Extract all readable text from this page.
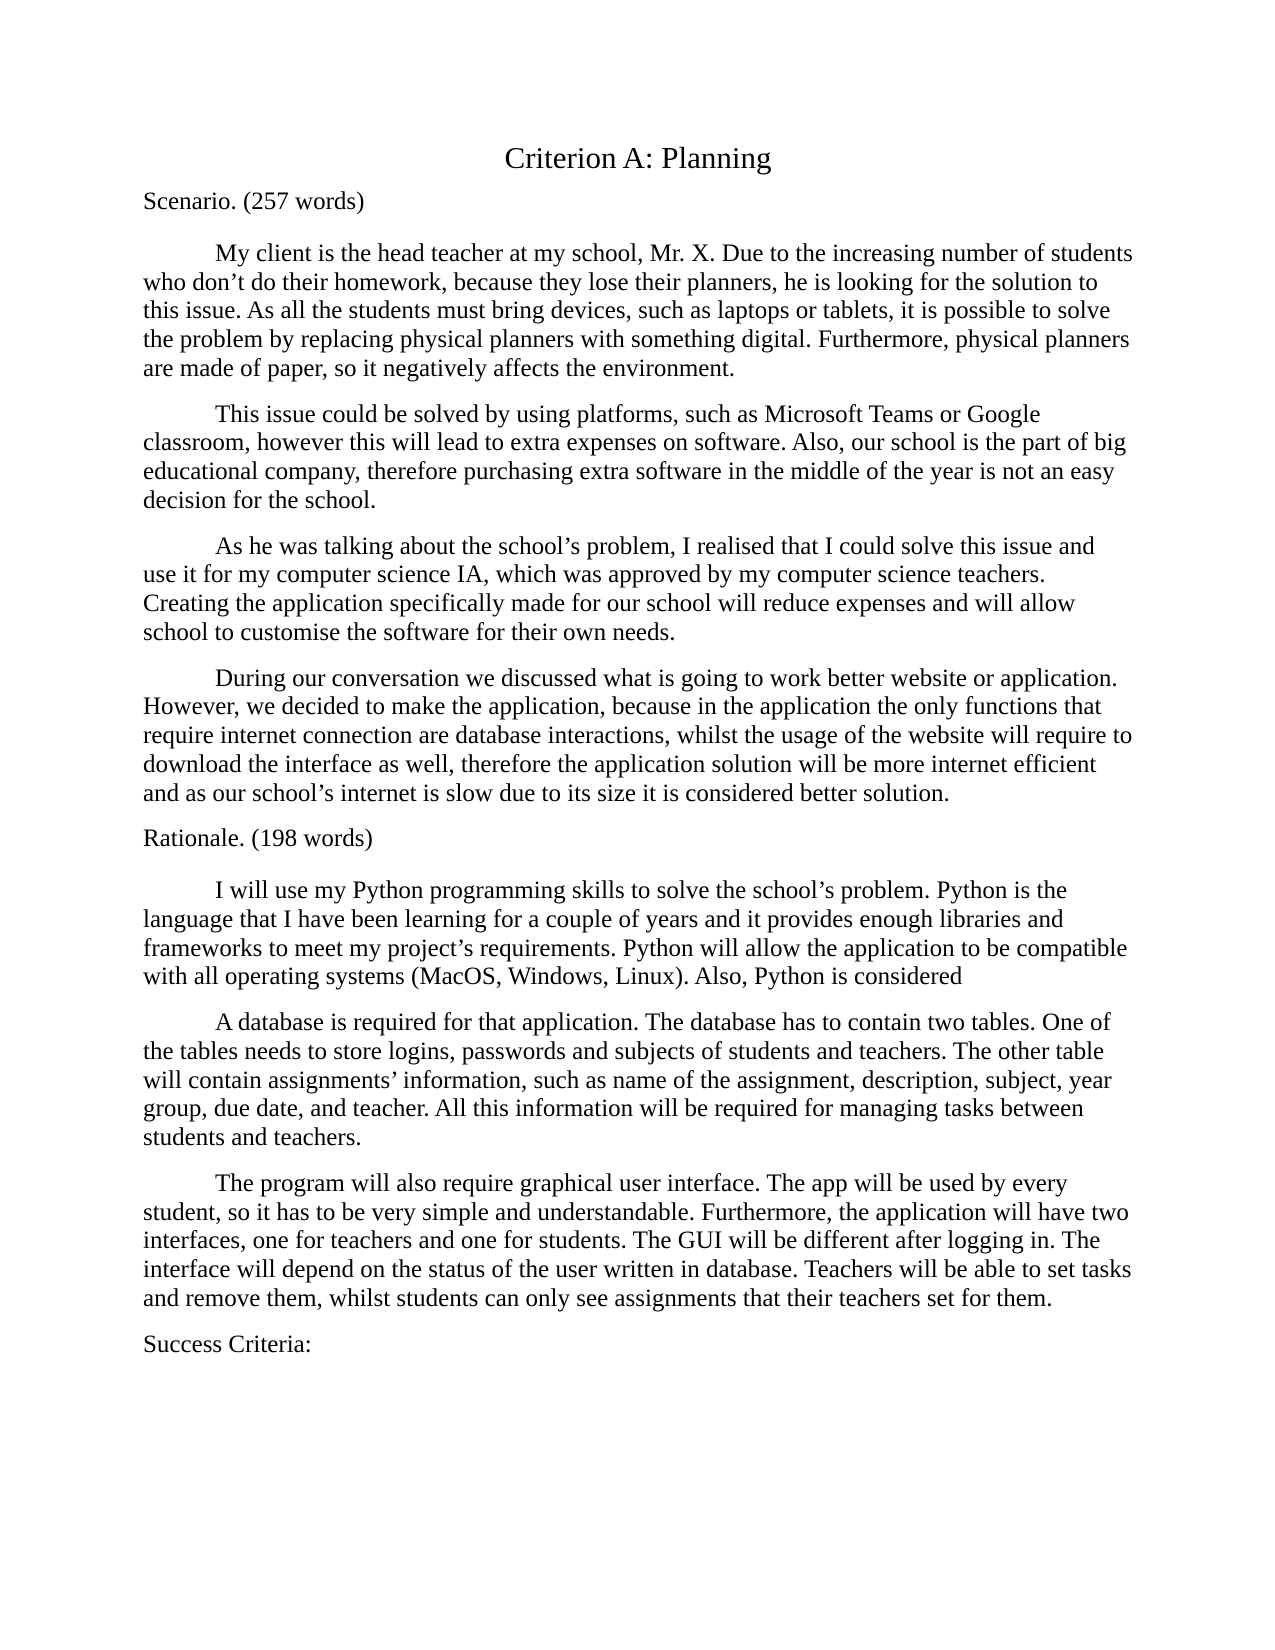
Criterion A: Planning

Scenario. (257 words)

My client is the head teacher at my school, Mr. X. Due to the increasing number of students who don’t do their homework, because they lose their planners, he is looking for the solution to this issue. As all the students must bring devices, such as laptops or tablets, it is possible to solve the problem by replacing physical planners with something digital. Furthermore, physical planners are made of paper, so it negatively affects the environment.

This issue could be solved by using platforms, such as Microsoft Teams or Google classroom, however this will lead to extra expenses on software. Also, our school is the part of big educational company, therefore purchasing extra software in the middle of the year is not an easy decision for the school.

As he was talking about the school’s problem, I realised that I could solve this issue and use it for my computer science IA, which was approved by my computer science teachers. Creating the application specifically made for our school will reduce expenses and will allow school to customise the software for their own needs.

During our conversation we discussed what is going to work better website or application. However, we decided to make the application, because in the application the only functions that require internet connection are database interactions, whilst the usage of the website will require to download the interface as well, therefore the application solution will be more internet efficient and as our school’s internet is slow due to its size it is considered better solution.

Rationale. (198 words)

I will use my Python programming skills to solve the school’s problem. Python is the language that I have been learning for a couple of years and it provides enough libraries and frameworks to meet my project’s requirements. Python will allow the application to be compatible with all operating systems (MacOS, Windows, Linux). Also, Python is considered

A database is required for that application. The database has to contain two tables. One of the tables needs to store logins, passwords and subjects of students and teachers. The other table will contain assignments’ information, such as name of the assignment, description, subject, year group, due date, and teacher. All this information will be required for managing tasks between students and teachers.

The program will also require graphical user interface. The app will be used by every student, so it has to be very simple and understandable. Furthermore, the application will have two interfaces, one for teachers and one for students. The GUI will be different after logging in. The interface will depend on the status of the user written in database. Teachers will be able to set tasks and remove them, whilst students can only see assignments that their teachers set for them.

Success Criteria:
